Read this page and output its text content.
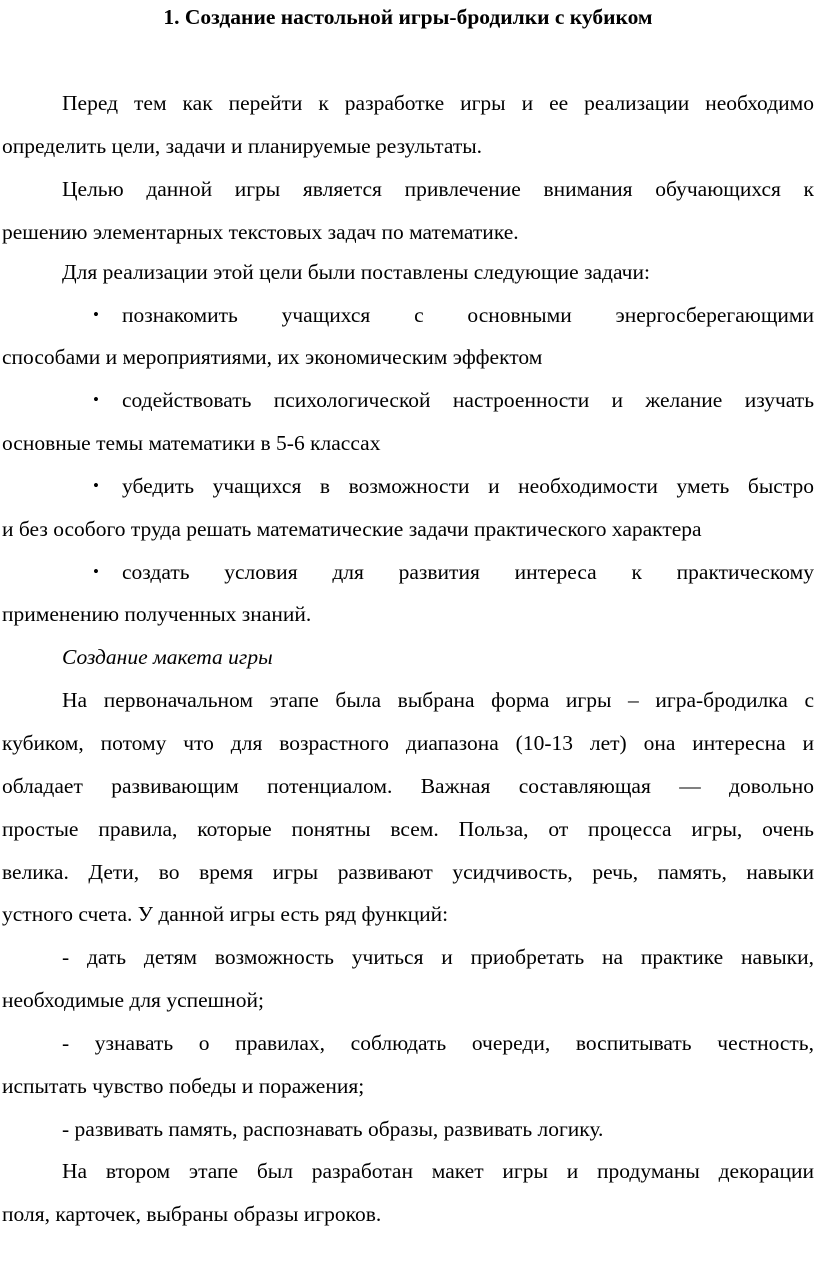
1. Создание настольной игры-бродилки с кубиком
Перед тем как перейти к разработке игры и ее реализации необходимо
определить цели, задачи и планируемые результаты.
Целью данной игры является привлечение внимания обучающихся к
решению элементарных текстовых задач по математике.
Для реализации этой цели были поставлены следующие задачи:
•	познакомить учащихся с основными энергосберегающими
способами и мероприятиями, их экономическим эффектом
•	содействовать психологической настроенности и желание изучать
основные темы математики в 5-6 классах
•	убедить учащихся в возможности и необходимости уметь быстро
и без особого труда решать математические задачи практического характера
•	создать условия для развития интереса к практическому
применению полученных знаний.
Создание макета игры
На первоначальном этапе была выбрана форма игры – игра-бродилка с
кубиком, потому что для возрастного диапазона (10-13 лет) она интересна и
обладает развивающим потенциалом. Важная составляющая — довольно
простые правила, которые понятны всем. Польза, от процесса игры, очень
велика. Дети, во время игры развивают усидчивость, речь, память, навыки
устного счета. У данной игры есть ряд функций:
- дать детям возможность учиться и приобретать на практике навыки,
необходимые для успешной;
- узнавать о правилах, соблюдать очереди, воспитывать честность,
испытать чувство победы и поражения;
- развивать память, распознавать образы, развивать логику.
На втором этапе был разработан макет игры и продуманы декорации
поля, карточек, выбраны образы игроков.
